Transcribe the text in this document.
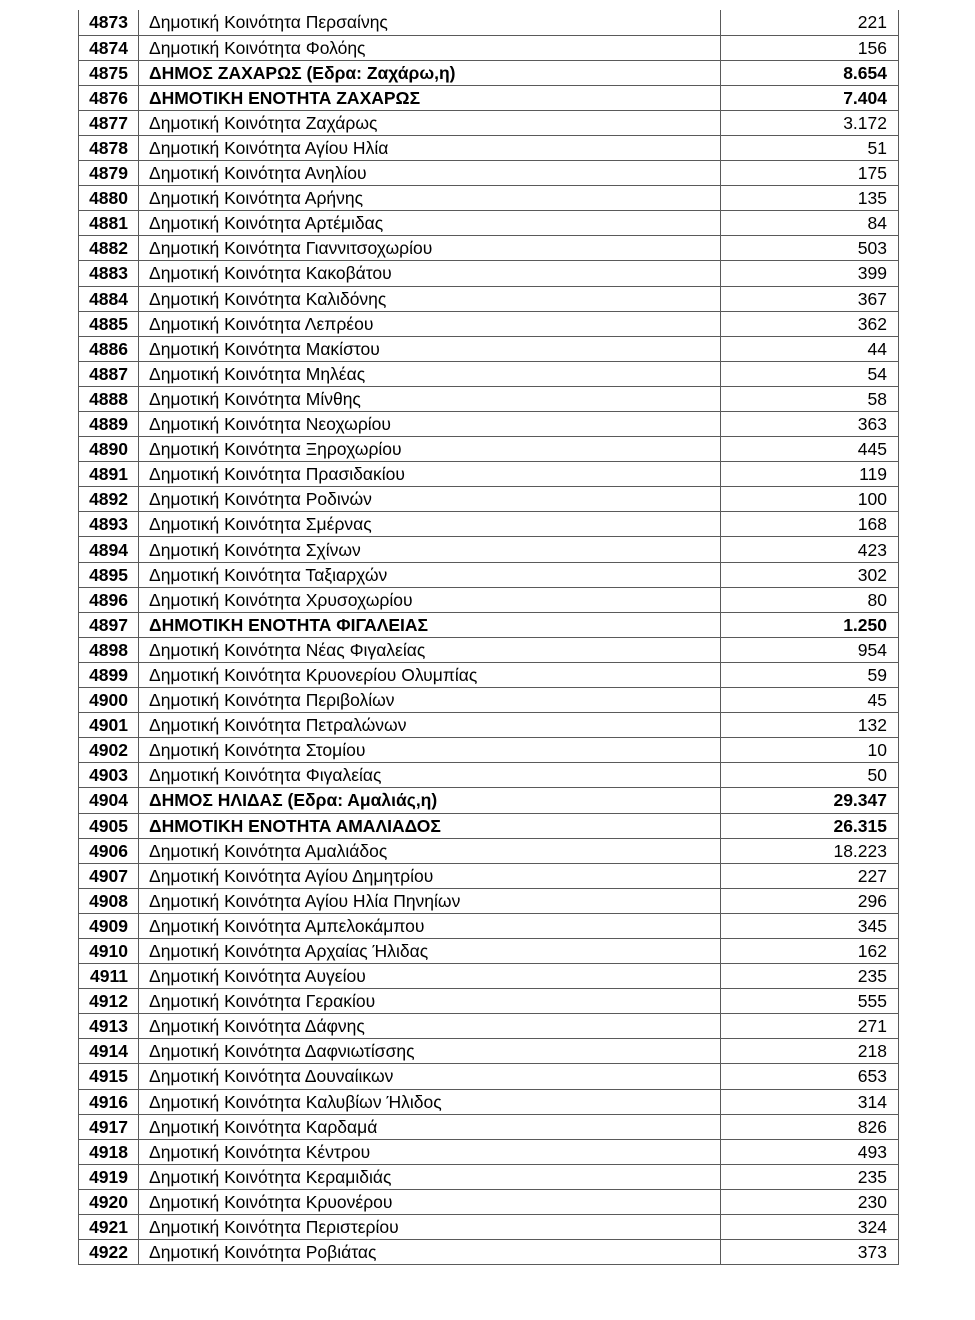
4873	Δημοτική Κοινότητα Περσαίνης	221
4874	Δημοτική Κοινότητα Φολόης	156
4875	ΔΗΜΟΣ ΖΑΧΑΡΩΣ (Εδρα: Ζαχάρω,η)	8.654
4876	ΔΗΜΟΤΙΚΗ ΕΝΟΤΗΤΑ ΖΑΧΑΡΩΣ	7.404
4877	Δημοτική Κοινότητα Ζαχάρως	3.172
4878	Δημοτική Κοινότητα Αγίου Ηλία	51
4879	Δημοτική Κοινότητα Ανηλίου	175
4880	Δημοτική Κοινότητα Αρήνης	135
4881	Δημοτική Κοινότητα Αρτέμιδας	84
4882	Δημοτική Κοινότητα Γιαννιτσοχωρίου	503
4883	Δημοτική Κοινότητα Κακοβάτου	399
4884	Δημοτική Κοινότητα Καλιδόνης	367
4885	Δημοτική Κοινότητα Λεπρέου	362
4886	Δημοτική Κοινότητα Μακίστου	44
4887	Δημοτική Κοινότητα Μηλέας	54
4888	Δημοτική Κοινότητα Μίνθης	58
4889	Δημοτική Κοινότητα Νεοχωρίου	363
4890	Δημοτική Κοινότητα Ξηροχωρίου	445
4891	Δημοτική Κοινότητα Πρασιδακίου	119
4892	Δημοτική Κοινότητα Ροδινών	100
4893	Δημοτική Κοινότητα Σμέρνας	168
4894	Δημοτική Κοινότητα Σχίνων	423
4895	Δημοτική Κοινότητα Ταξιαρχών	302
4896	Δημοτική Κοινότητα Χρυσοχωρίου	80
4897	ΔΗΜΟΤΙΚΗ ΕΝΟΤΗΤΑ ΦΙΓΑΛΕΙΑΣ	1.250
4898	Δημοτική Κοινότητα Νέας Φιγαλείας	954
4899	Δημοτική Κοινότητα Κρυονερίου Ολυμπίας	59
4900	Δημοτική Κοινότητα Περιβολίων	45
4901	Δημοτική Κοινότητα Πετραλώνων	132
4902	Δημοτική Κοινότητα Στομίου	10
4903	Δημοτική Κοινότητα Φιγαλείας	50
4904	ΔΗΜΟΣ ΗΛΙΔΑΣ (Εδρα: Αμαλιάς,η)	29.347
4905	ΔΗΜΟΤΙΚΗ ΕΝΟΤΗΤΑ ΑΜΑΛΙΑΔΟΣ	26.315
4906	Δημοτική Κοινότητα Αμαλιάδος	18.223
4907	Δημοτική Κοινότητα Αγίου Δημητρίου	227
4908	Δημοτική Κοινότητα Αγίου Ηλία Πηνηίων	296
4909	Δημοτική Κοινότητα Αμπελοκάμπου	345
4910	Δημοτική Κοινότητα Αρχαίας Ήλιδας	162
4911	Δημοτική Κοινότητα Αυγείου	235
4912	Δημοτική Κοινότητα Γερακίου	555
4913	Δημοτική Κοινότητα Δάφνης	271
4914	Δημοτική Κοινότητα Δαφνιωτίσσης	218
4915	Δημοτική Κοινότητα Δουναίικων	653
4916	Δημοτική Κοινότητα Καλυβίων Ήλιδος	314
4917	Δημοτική Κοινότητα Καρδαμά	826
4918	Δημοτική Κοινότητα Κέντρου	493
4919	Δημοτική Κοινότητα Κεραμιδιάς	235
4920	Δημοτική Κοινότητα Κρυονέρου	230
4921	Δημοτική Κοινότητα Περιστερίου	324
4922	Δημοτική Κοινότητα Ροβιάτας	373
